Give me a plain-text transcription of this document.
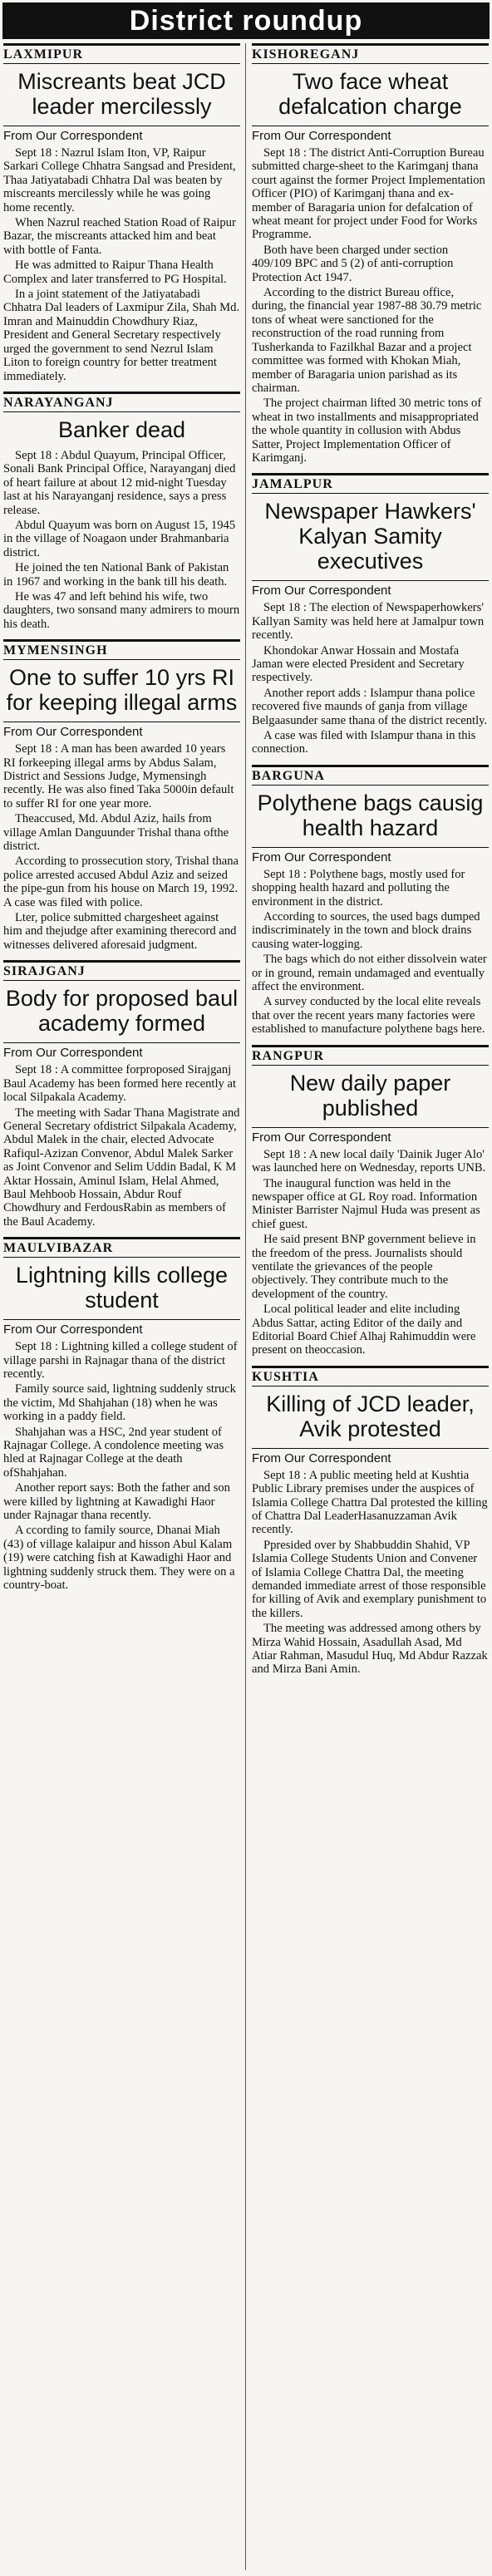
District roundup
LAXMIPUR
Miscreants beat JCD leader mercilessly
From Our Correspondent

Sept 18 : Nazrul Islam Iton, VP, Raipur Sarkari College Chhatra Sangsad and President, Thaa Jatiyatabadi Chhatra Dal was beaten by miscreants mercilessly while he was going home recently.

When Nazrul reached Station Road of Raipur Bazar, the miscreants attacked him and beat with bottle of Fanta.

He was admitted to Raipur Thana Health Complex and later transferred to PG Hospital.

In a joint statement of the Jatiyatabadi Chhatra Dal leaders of Laxmipur Zila, Shah Md. Imran and Mainuddin Chowdhury Riaz, President and General Secretary respectively urged the government to send Nezrul Islam Liton to foreign country for better treatment immediately.

NARAYANGANJ
Banker dead

Sept 18 : Abdul Quayum, Principal Officer, Sonali Bank Principal Office, Narayanganj died of heart failure at about 12 mid-night Tuesday last at his Narayanganj residence, says a press release.

Abdul Quayum was born on August 15, 1945 in the village of Noagaon under Brahmanbaria district.

He joined the ten National Bank of Pakistan in 1967 and working in the bank till his death.

He was 47 and left behind his wife, two daughters, two sonsand many admirers to mourn his death.

MYMENSINGH
One to suffer 10 yrs RI for keeping illegal arms
From Our Correspondent

Sept 18 : A man has been awarded 10 years RI forkeeping illegal arms by Abdus Salam, District and Sessions Judge, Mymensingh recently. He was also fined Taka 5000in default to suffer RI for one year more.

Theaccused, Md. Abdul Aziz, hails from village Amlan Danguunder Trishal thana ofthe district.

According to prossecution story, Trishal thana police arrested accused Abdul Aziz and seized the pipe-gun from his house on March 19, 1992. A case was filed with police.

Lter, police submitted chargesheet against him and thejudge after examining therecord and witnesses delivered aforesaid judgment.

SIRAJGANJ
Body for proposed baul academy formed
From Our Correspondent

Sept 18 : A committee forproposed Sirajganj Baul Academy has been formed here recently at local Silpakala Academy.

The meeting with Sadar Thana Magistrate and General Secretary ofdistrict Silpakala Academy, Abdul Malek in the chair, elected Advocate Rafiqul-Azizan Convenor, Abdul Malek Sarker as Joint Convenor and Selim Uddin Badal, K M Aktar Hossain, Aminul Islam, Helal Ahmed, Baul Mehboob Hossain, Abdur Rouf Chowdhury and FerdousRabin as members of the Baul Academy.

MAULVIBAZAR
Lightning kills college student
From Our Correspondent

Sept 18 : Lightning killed a college student of village parshi in Rajnagar thana of the district recently.

Family source said, lightning suddenly struck the victim, Md Shahjahan (18) when he was working in a paddy field.

Shahjahan was a HSC, 2nd year student of Rajnagar College. A condolence meeting was hled at Rajnagar College at the death ofShahjahan.

Another report says: Both the father and son were killed by lightning at Kawadighi Haor under Rajnagar thana recently.

A ccording to family source, Dhanai Miah (43) of village kalaipur and hisson Abul Kalam (19) were catching fish at Kawadighi Haor and lightning suddenly struck them. They were on a country-boat.

KISHOREGANJ
Two face wheat defalcation charge
From Our Correspondent

Sept 18 : The district Anti-Corruption Bureau submitted charge-sheet to the Karimganj thana court against the former Project Implementation Officer (PIO) of Karimganj thana and ex-member of Baragaria union for defalcation of wheat meant for project under Food for Works Programme.

Both have been charged under section 409/109 BPC and 5 (2) of anti-corruption Protection Act 1947.

According to the district Bureau office, during, the financial year 1987-88 30.79 metric tons of wheat were sanctioned for the reconstruction of the road running from Tusherkanda to Fazilkhal Bazar and a project committee was formed with Khokan Miah, member of Baragaria union parishad as its chairman.

The project chairman lifted 30 metric tons of wheat in two installments and misappropriated the whole quantity in collusion with Abdus Satter, Project Implementation Officer of Karimganj.

JAMALPUR
Newspaper Hawkers' Kalyan Samity executives
From Our Correspondent

Sept 18 : The election of Newspaperhowkers' Kallyan Samity was held here at Jamalpur town recently.

Khondokar Anwar Hossain and Mostafa Jaman were elected President and Secretary respectively.

Another report adds : Islampur thana police recovered five maunds of ganja from village Belgaasunder same thana of the district recently.

A case was filed with Islampur thana in this connection.

BARGUNA
Polythene bags causig health hazard
From Our Correspondent

Sept 18 : Polythene bags, mostly used for shopping health hazard and polluting the environment in the district.

According to sources, the used bags dumped indiscriminately in the town and block drains causing water-logging.

The bags which do not either dissolvein water or in ground, remain undamaged and eventually affect the environment.

A survey conducted by the local elite reveals that over the recent years many factories were established to manufacture polythene bags here.

RANGPUR
New daily paper published
From Our Correspondent

Sept 18 : A new local daily 'Dainik Juger Alo' was launched here on Wednesday, reports UNB.

The inaugural function was held in the newspaper office at GL Roy road. Information Minister Barrister Najmul Huda was present as chief guest.

He said present BNP government believe in the freedom of the press. Journalists should ventilate the grievances of the people objectively. They contribute much to the development of the country.

Local political leader and elite including Abdus Sattar, acting Editor of the daily and Editorial Board Chief Alhaj Rahimuddin were present on theoccasion.

KUSHTIA
Killing of JCD leader, Avik protested
From Our Correspondent

Sept 18 : A public meeting held at Kushtia Public Library premises under the auspices of Islamia College Chattra Dal protested the killing of Chattra Dal LeaderHasanuzzaman Avik recently.

Ppresided over by Shabbuddin Shahid, VP Islamia College Students Union and Convener of Islamia College Chattra Dal, the meeting demanded immediate arrest of those responsible for killing of Avik and exemplary punishment to the killers.

The meeting was addressed among others by Mirza Wahid Hossain, Asadullah Asad, Md Atiar Rahman, Masudul Huq, Md Abdur Razzak and Mirza Bani Amin.
